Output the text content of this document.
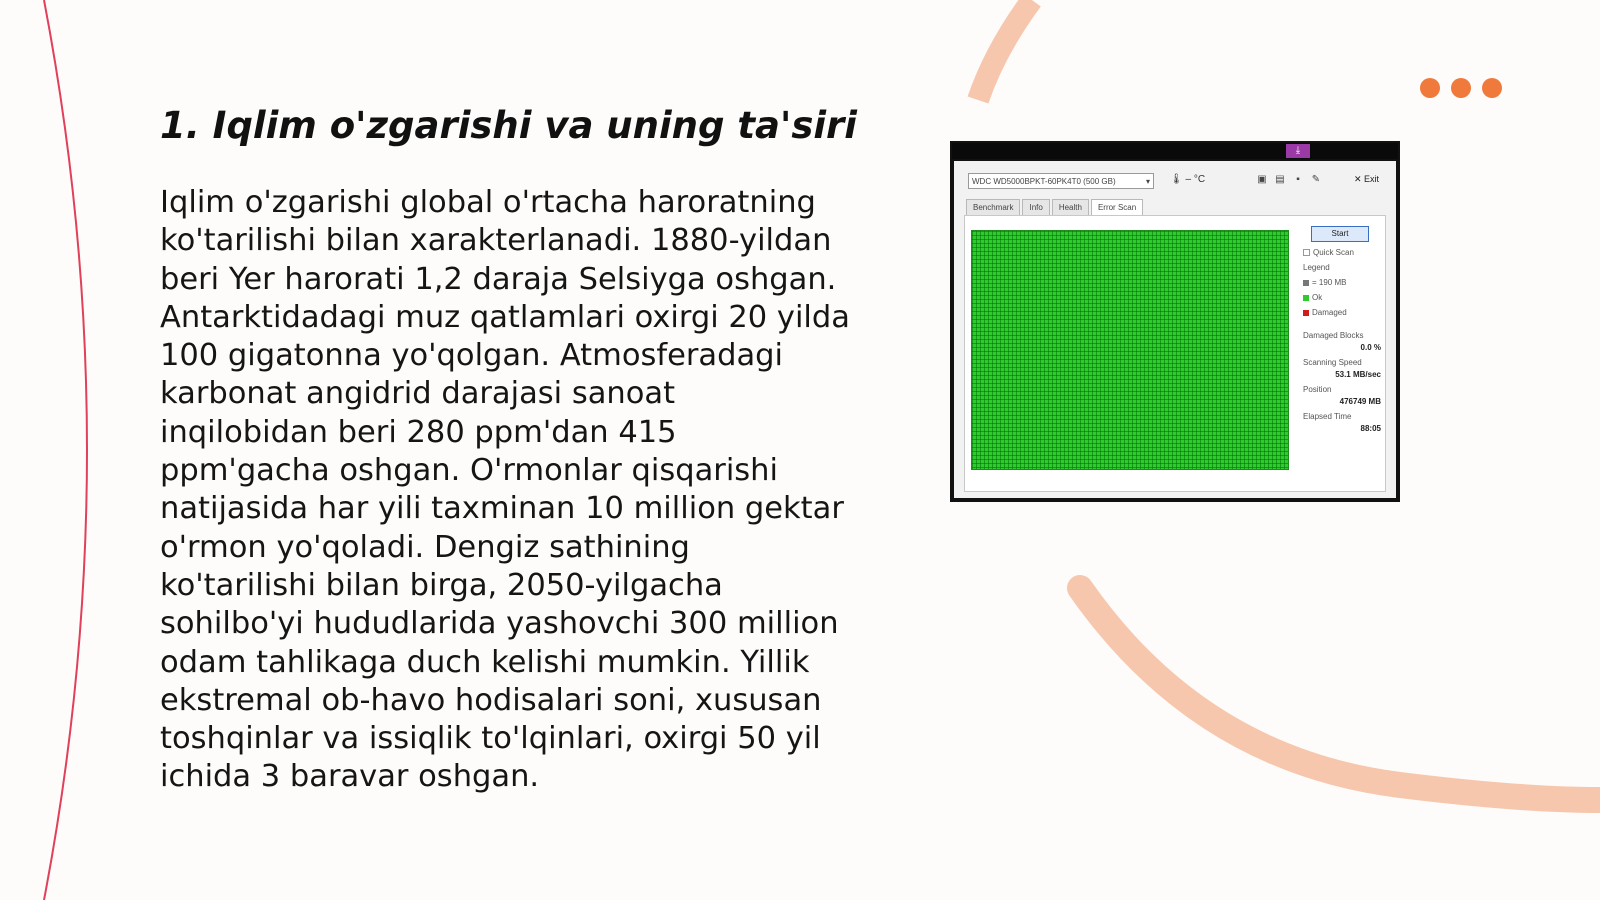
1. Iqlim o'zgarishi va uning ta'siri
Iqlim o'zgarishi global o'rtacha haroratning ko'tarilishi bilan xarakterlanadi. 1880-yildan beri Yer harorati 1,2 daraja Selsiyga oshgan. Antarktidadagi muz qatlamlari oxirgi 20 yilda 100 gigatonna yo'qolgan. Atmosferadagi karbonat angidrid darajasi sanoat inqilobidan beri 280 ppm'dan 415 ppm'gacha oshgan. O'rmonlar qisqarishi natijasida har yili taxminan 10 million gektar o'rmon yo'qoladi. Dengiz sathining ko'tarilishi bilan birga, 2050-yilgacha sohilbo'yi hududlarida yashovchi 300 million odam tahlikaga duch kelishi mumkin. Yillik ekstremal ob-havo hodisalari soni, xususan toshqinlar va issiqlik to'lqinlari, oxirgi 50 yil ichida 3 baravar oshgan.
⤓
WDC WD5000BPKT-60PK4T0 (500 GB)	▾ 🌡 – °C	▣ ▤	▪	✎	✕ Exit
Benchmark	Info	Health	Error Scan
Start
Quick Scan
Legend
= 190 MB
Ok
Damaged
Damaged Blocks
0.0 %
Scanning Speed
53.1 MB/sec
Position
476749 MB
Elapsed Time
88:05
